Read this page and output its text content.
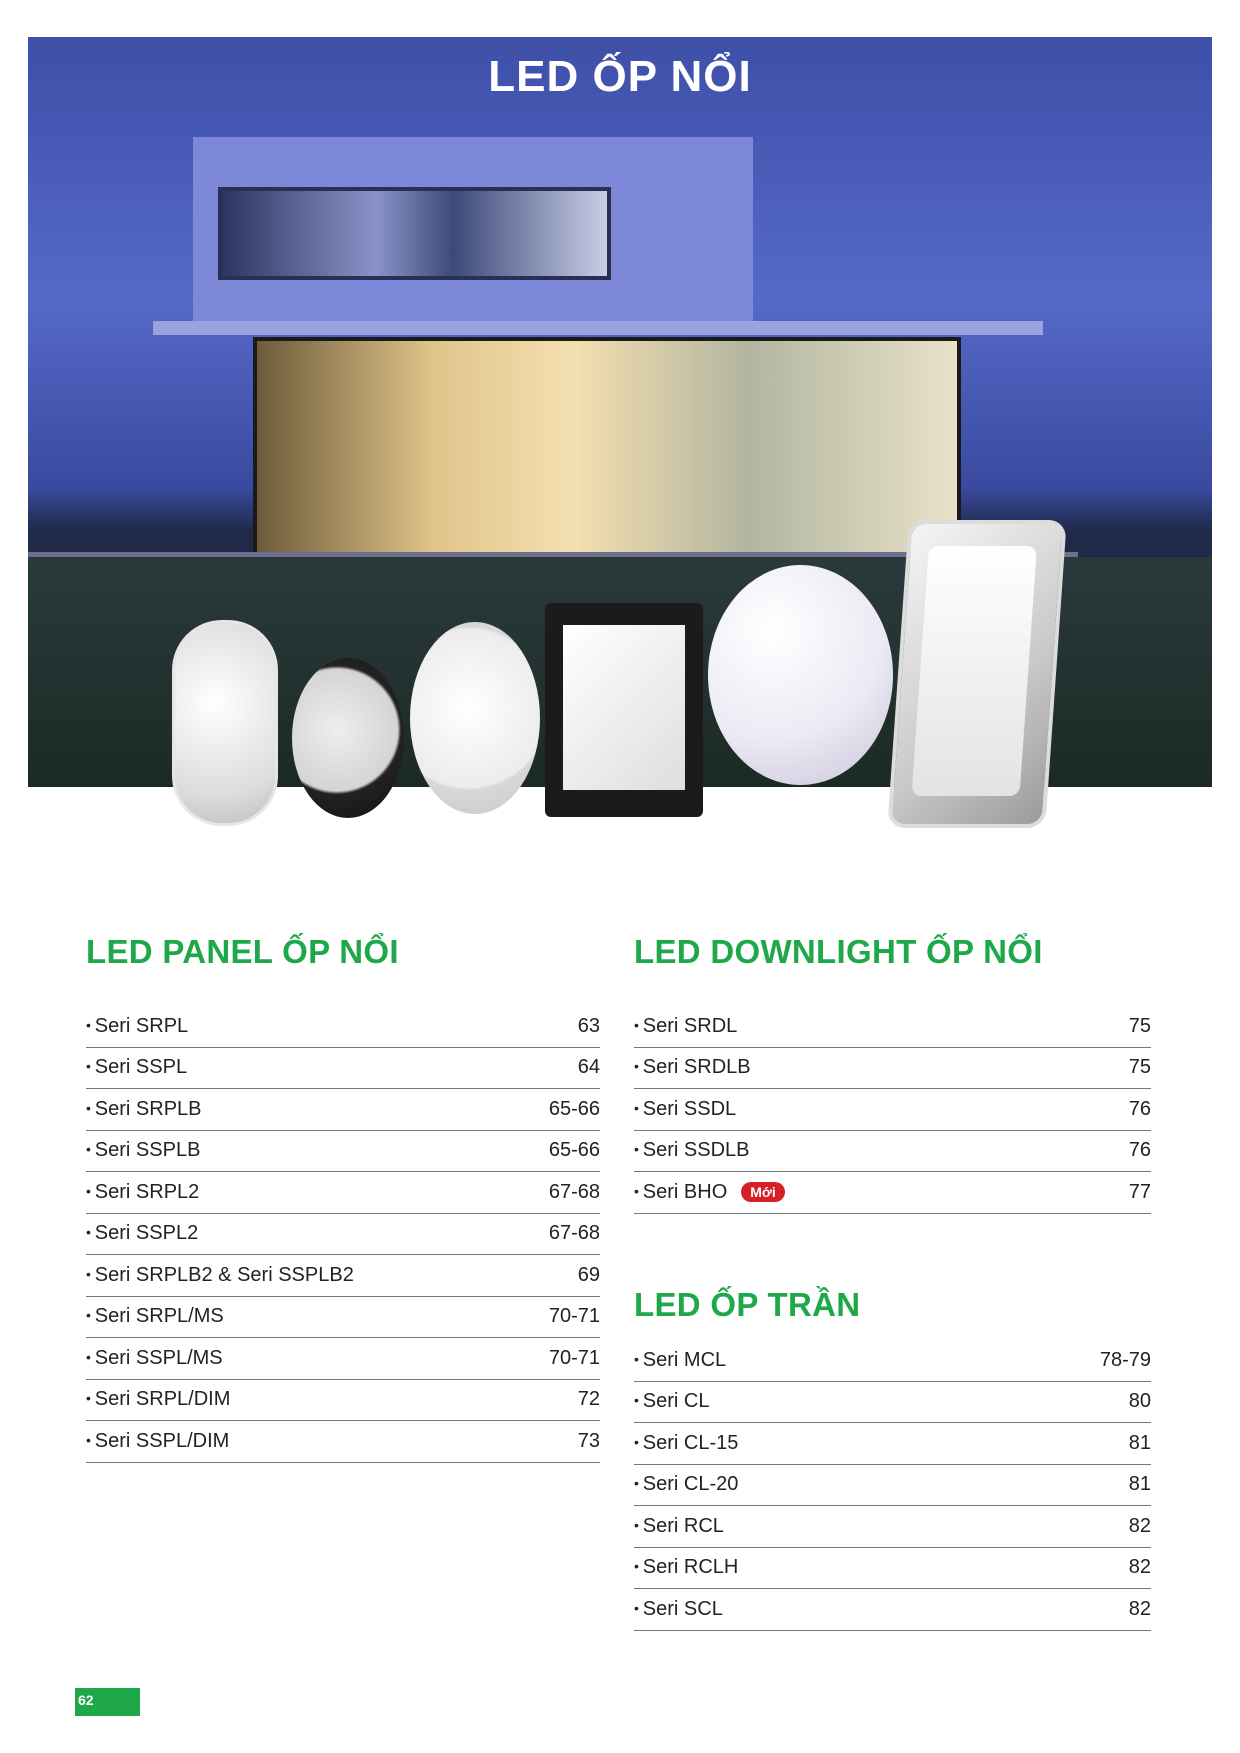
LED ỐP NỔI
LED PANEL ỐP NỔI
• Seri SRPL	63
• Seri SSPL	64
• Seri SRPLB	65-66
• Seri SSPLB	65-66
• Seri SRPL2	67-68
• Seri SSPL2	67-68
• Seri SRPLB2 & Seri SSPLB2	69
• Seri SRPL/MS	70-71
• Seri SSPL/MS	70-71
• Seri SRPL/DIM	72
• Seri SSPL/DIM	73
LED DOWNLIGHT ỐP NỔI
• Seri SRDL	75
• Seri SRDLB	75
• Seri SSDL	76
• Seri SSDLB	76
• Seri BHO	Mới	77
LED ỐP TRẦN
• Seri MCL	78-79
• Seri CL	80
• Seri CL-15	81
• Seri CL-20	81
• Seri RCL	82
• Seri RCLH	82
• Seri SCL	82
62
